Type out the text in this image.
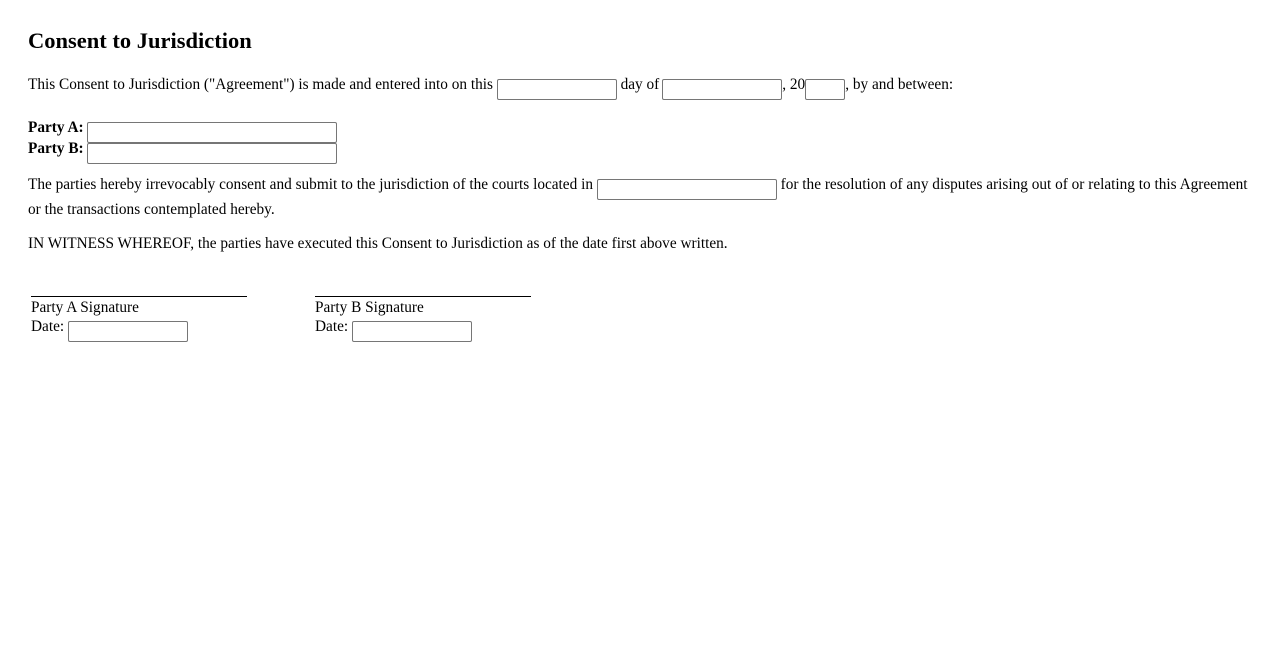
Consent to Jurisdiction
This Consent to Jurisdiction ("Agreement") is made and entered into on this	day of	, 20	, by and between:
Party A:
Party B:
The parties hereby irrevocably consent and submit to the jurisdiction of the courts located in	for the resolution of any disputes arising out of or relating to this Agreement or the transactions contemplated hereby.
IN WITNESS WHEREOF, the parties have executed this Consent to Jurisdiction as of the date first above written.
Party A Signature
Date:
Party B Signature
Date:
